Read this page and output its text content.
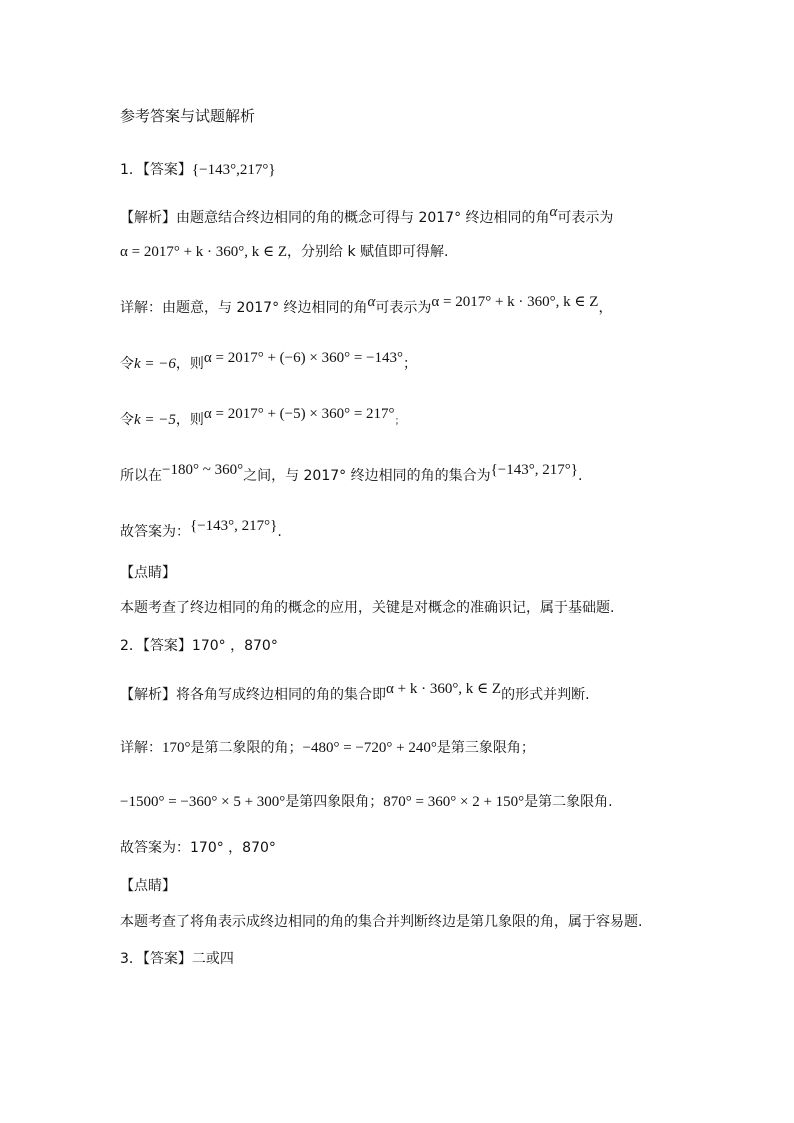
参考答案与试题解析
1．【答案】{−143°,217°}
【解析】由题意结合终边相同的角的概念可得与 2017° 终边相同的角α可表示为
α = 2017° + k · 360°, k ∈ Z，分别给 k 赋值即可得解.
详解：由题意，与 2017° 终边相同的角α可表示为α = 2017° + k · 360°, k ∈ Z，
令k = −6，则α = 2017° + (−6) × 360° = −143°；
令k = −5，则α = 2017° + (−5) × 360° = 217°；
所以在−180° ~ 360°之间，与 2017° 终边相同的角的集合为{−143°, 217°}.
故答案为：{−143°, 217°}.
【点睛】
本题考查了终边相同的角的概念的应用，关键是对概念的准确识记，属于基础题.
2．【答案】170° ，870°
【解析】将各角写成终边相同的角的集合即α + k · 360°, k ∈ Z的形式并判断.
详解：170°是第二象限的角；−480° = −720° + 240°是第三象限角；
−1500° = −360° × 5 + 300°是第四象限角；870° = 360° × 2 + 150°是第二象限角.
故答案为：170° ，870°
【点睛】
本题考查了将角表示成终边相同的角的集合并判断终边是第几象限的角，属于容易题.
3．【答案】二或四
